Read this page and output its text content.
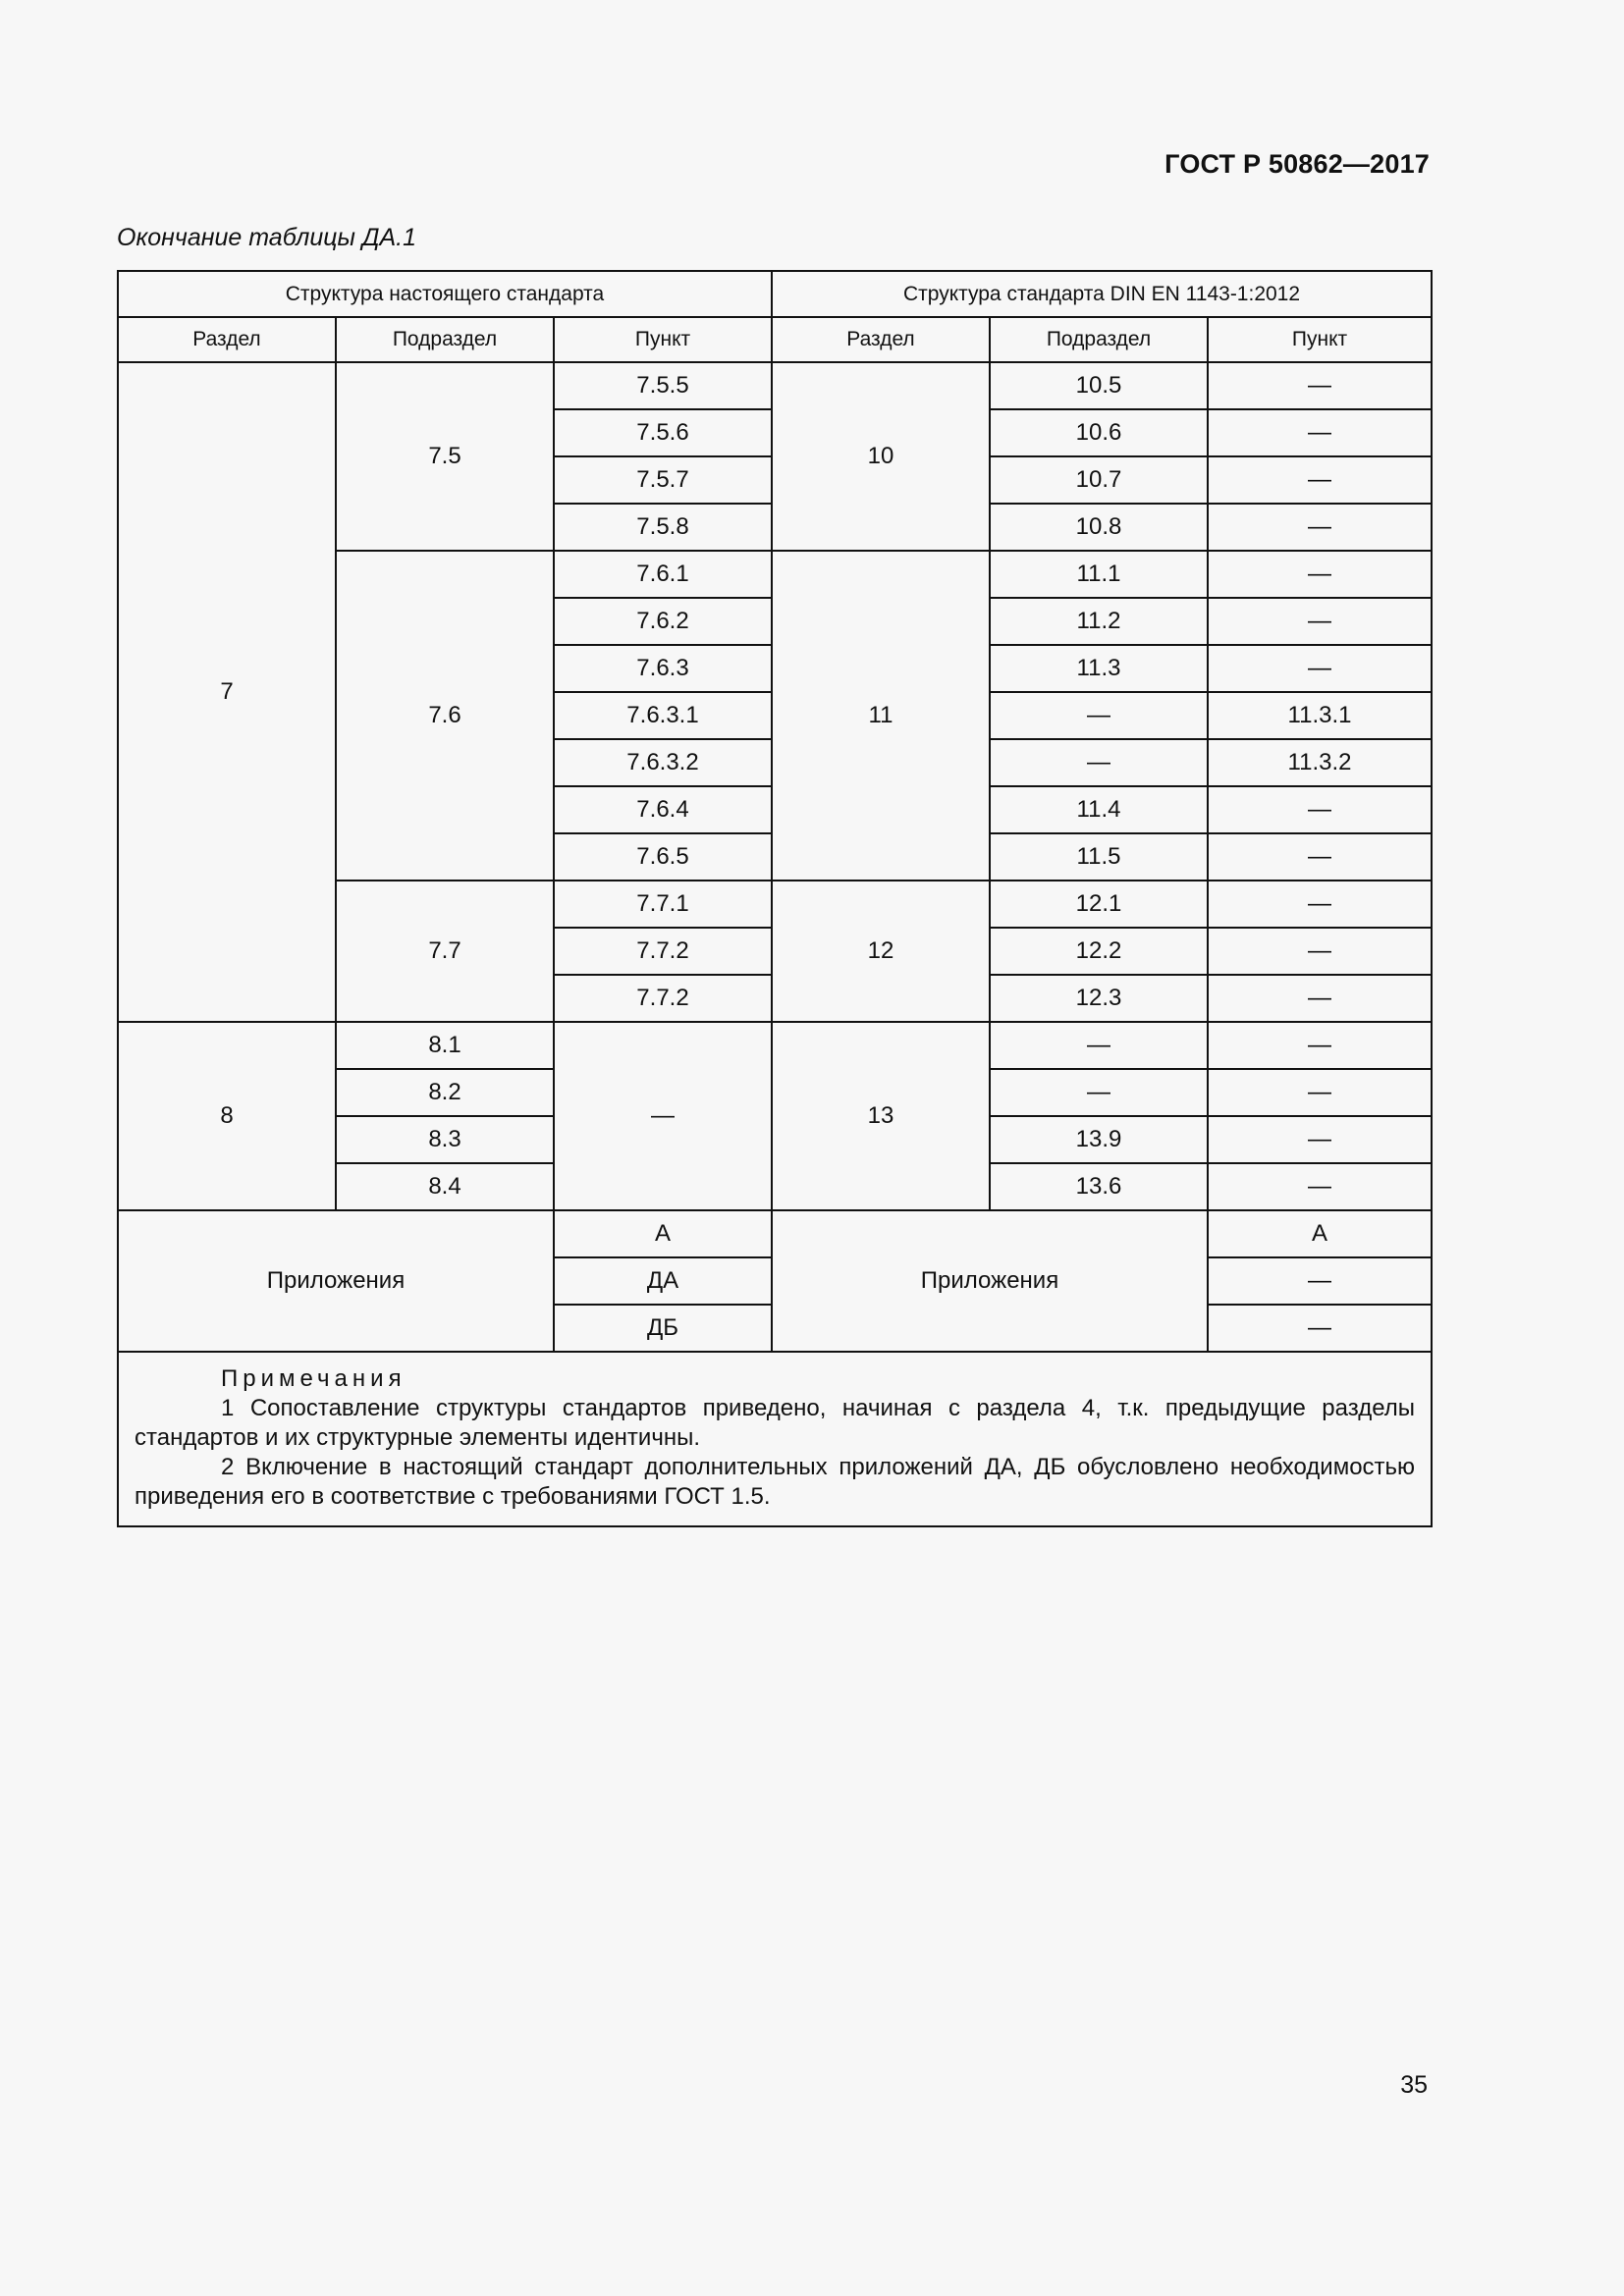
ГОСТ Р 50862—2017
Окончание таблицы ДА.1
Структура настоящего стандарта			Структура стандарта DIN EN 1143-1:2012		
Раздел	Подраздел	Пункт	Раздел	Подраздел	Пункт
7	7.5	7.5.5	10	10.5	—
		7.5.6		10.6	—
		7.5.7		10.7	—
		7.5.8		10.8	—
	7.6	7.6.1	11	11.1	—
		7.6.2		11.2	—
		7.6.3		11.3	—
		7.6.3.1		—	11.3.1
		7.6.3.2		—	11.3.2
		7.6.4		11.4	—
		7.6.5		11.5	—
	7.7	7.7.1	12	12.1	—
		7.7.2		12.2	—
		7.7.2		12.3	—
8	8.1	—	13	—	—
	8.2			—	—
	8.3			13.9	—
	8.4			13.6	—
Приложения		А	Приложения		А
		ДА			—
		ДБ			—

Примечания
1 Сопоставление структуры стандартов приведено, начиная с раздела 4, т.к. предыдущие разделы стандартов и их структурные элементы идентичны.
2 Включение в настоящий стандарт дополнительных приложений ДА, ДБ обусловлено необходимостью приведения его в соответствие с требованиями ГОСТ 1.5.					
35
